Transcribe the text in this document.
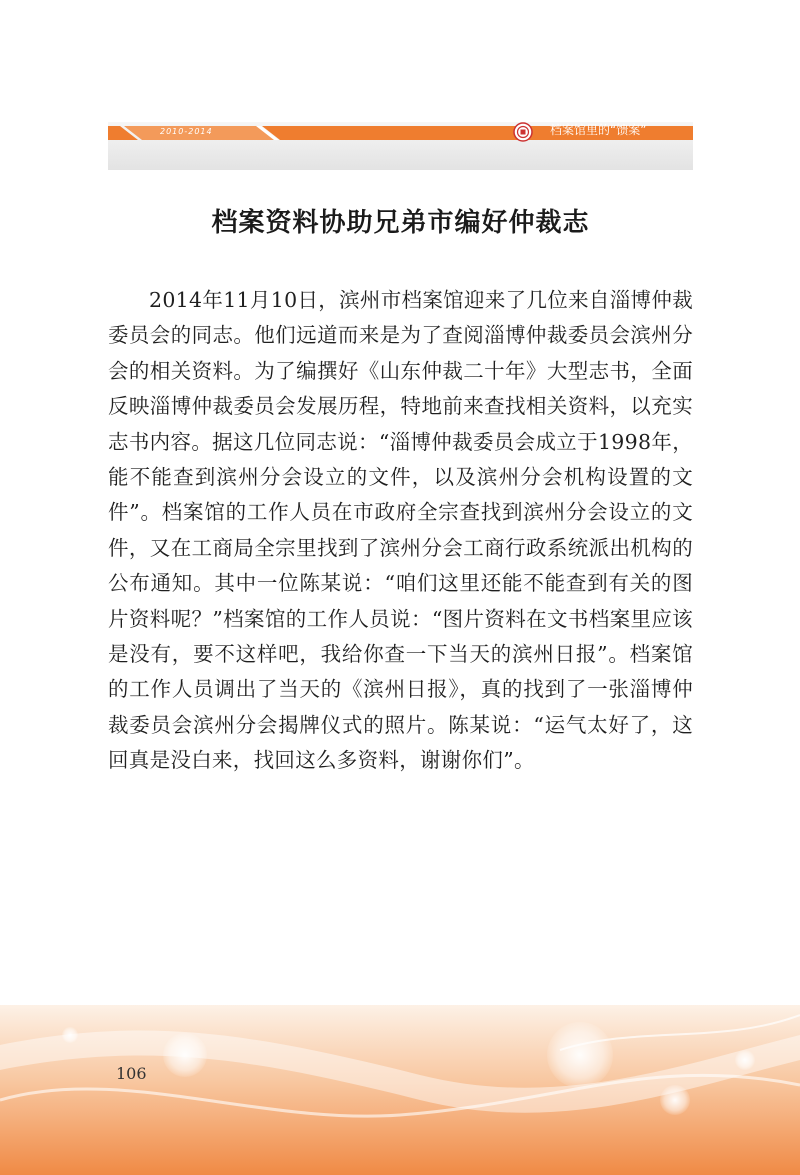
2010-2014	档案馆里的“馈案”
档案资料协助兄弟市编好仲裁志

2014年11月10日，滨州市档案馆迎来了几位来自淄博仲裁委员会的同志。他们远道而来是为了查阅淄博仲裁委员会滨州分会的相关资料。为了编撰好《山东仲裁二十年》大型志书，全面反映淄博仲裁委员会发展历程，特地前来查找相关资料，以充实志书内容。据这几位同志说：“淄博仲裁委员会成立于1998年，能不能查到滨州分会设立的文件，以及滨州分会机构设置的文件”。档案馆的工作人员在市政府全宗查找到滨州分会设立的文件，又在工商局全宗里找到了滨州分会工商行政系统派出机构的公布通知。其中一位陈某说：“咱们这里还能不能查到有关的图片资料呢？”档案馆的工作人员说：“图片资料在文书档案里应该是没有，要不这样吧，我给你查一下当天的滨州日报”。档案馆的工作人员调出了当天的《滨州日报》，真的找到了一张淄博仲裁委员会滨州分会揭牌仪式的照片。陈某说：“运气太好了，这回真是没白来，找回这么多资料，谢谢你们”。

106
